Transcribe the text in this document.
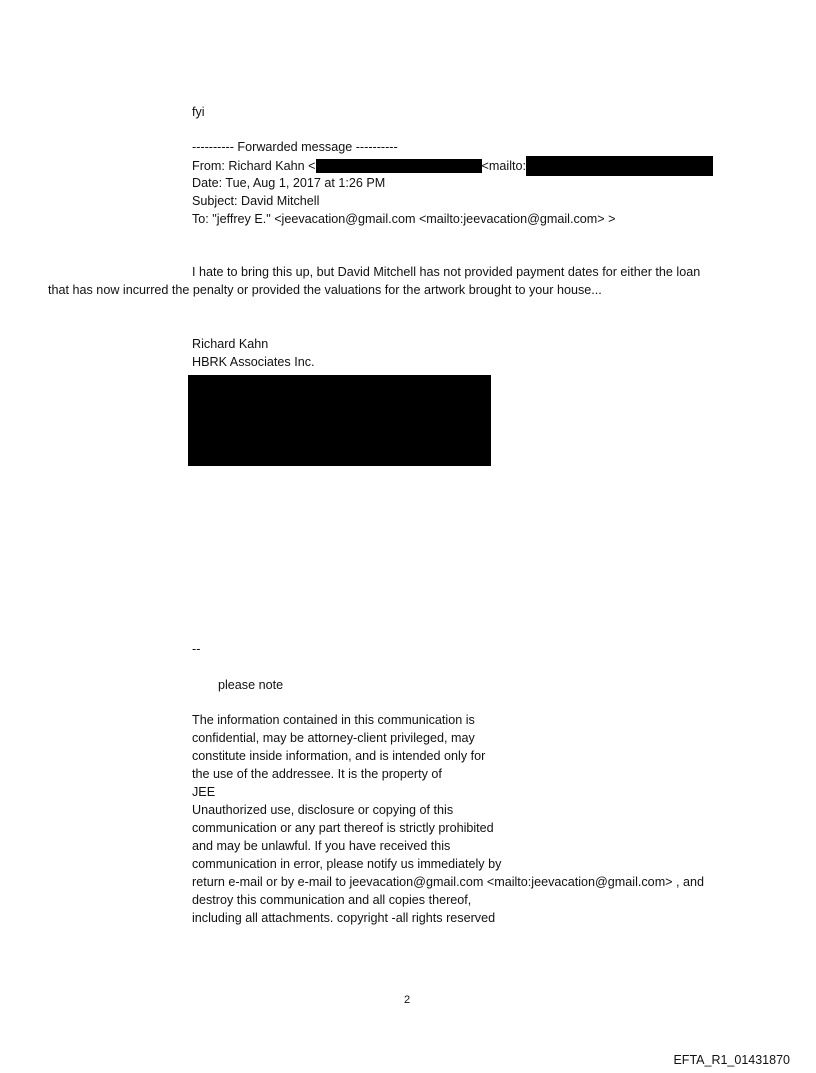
fyi
---------- Forwarded message ----------
From: Richard Kahn <	<mailto:
Date: Tue, Aug 1, 2017 at 1:26 PM
Subject: David Mitchell
To: "jeffrey E." <jeevacation@gmail.com <mailto:jeevacation@gmail.com> >
I hate to bring this up, but David Mitchell has not provided payment dates for either the loan
that has now incurred the penalty or provided the valuations for the artwork brought to your house...
Richard Kahn
HBRK Associates Inc.
--
please note
The information contained in this communication is
confidential, may be attorney-client privileged, may
constitute inside information, and is intended only for
the use of the addressee. It is the property of
JEE
Unauthorized use, disclosure or copying of this
communication or any part thereof is strictly prohibited
and may be unlawful. If you have received this
communication in error, please notify us immediately by
return e-mail or by e-mail to jeevacation@gmail.com <mailto:jeevacation@gmail.com> , and
destroy this communication and all copies thereof,
including all attachments. copyright -all rights reserved
2
EFTA_R1_01431870
